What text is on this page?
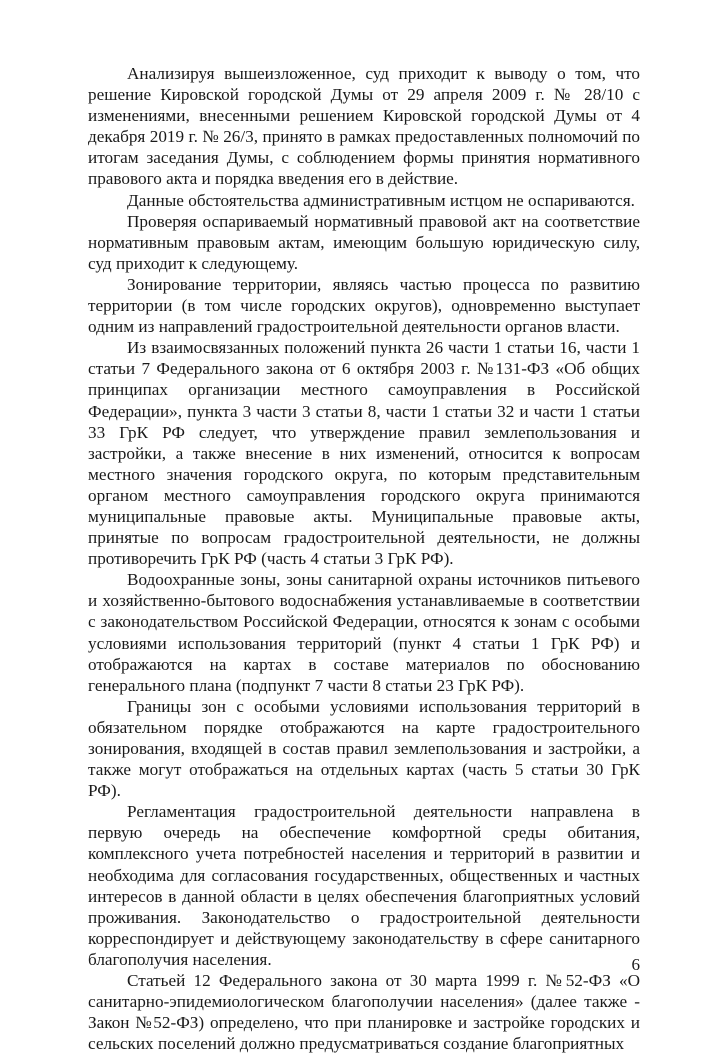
Анализируя вышеизложенное, суд приходит к выводу о том, что решение Кировской городской Думы от 29 апреля 2009 г. № 28/10 с изменениями, внесенными решением Кировской городской Думы от 4 декабря 2019 г. № 26/3, принято в рамках предоставленных полномочий по итогам заседания Думы, с соблюдением формы принятия нормативного правового акта и порядка введения его в действие.

Данные обстоятельства административным истцом не оспариваются.

Проверяя оспариваемый нормативный правовой акт на соответствие нормативным правовым актам, имеющим большую юридическую силу, суд приходит к следующему.

Зонирование территории, являясь частью процесса по развитию территории (в том числе городских округов), одновременно выступает одним из направлений градостроительной деятельности органов власти.

Из взаимосвязанных положений пункта 26 части 1 статьи 16, части 1 статьи 7 Федерального закона от 6 октября 2003 г. №131-ФЗ «Об общих принципах организации местного самоуправления в Российской Федерации», пункта 3 части 3 статьи 8, части 1 статьи 32 и части 1 статьи 33 ГрК РФ следует, что утверждение правил землепользования и застройки, а также внесение в них изменений, относится к вопросам местного значения городского округа, по которым представительным органом местного самоуправления городского округа принимаются муниципальные правовые акты. Муниципальные правовые акты, принятые по вопросам градостроительной деятельности, не должны противоречить ГрК РФ (часть 4 статьи 3 ГрК РФ).

Водоохранные зоны, зоны санитарной охраны источников питьевого и хозяйственно-бытового водоснабжения устанавливаемые в соответствии с законодательством Российской Федерации, относятся к зонам с особыми условиями использования территорий (пункт 4 статьи 1 ГрК РФ) и отображаются на картах в составе материалов по обоснованию генерального плана (подпункт 7 части 8 статьи 23 ГрК РФ).

Границы зон с особыми условиями использования территорий в обязательном порядке отображаются на карте градостроительного зонирования, входящей в состав правил землепользования и застройки, а также могут отображаться на отдельных картах (часть 5 статьи 30 ГрК РФ).

Регламентация градостроительной деятельности направлена в первую очередь на обеспечение комфортной среды обитания, комплексного учета потребностей населения и территорий в развитии и необходима для согласования государственных, общественных и частных интересов в данной области в целях обеспечения благоприятных условий проживания. Законодательство о градостроительной деятельности корреспондирует и действующему законодательству в сфере санитарного благополучия населения.

Статьей 12 Федерального закона от 30 марта 1999 г. №52-ФЗ «О санитарно-эпидемиологическом благополучии населения» (далее также - Закон №52-ФЗ) определено, что при планировке и застройке городских и сельских поселений должно предусматриваться создание благоприятных

6
